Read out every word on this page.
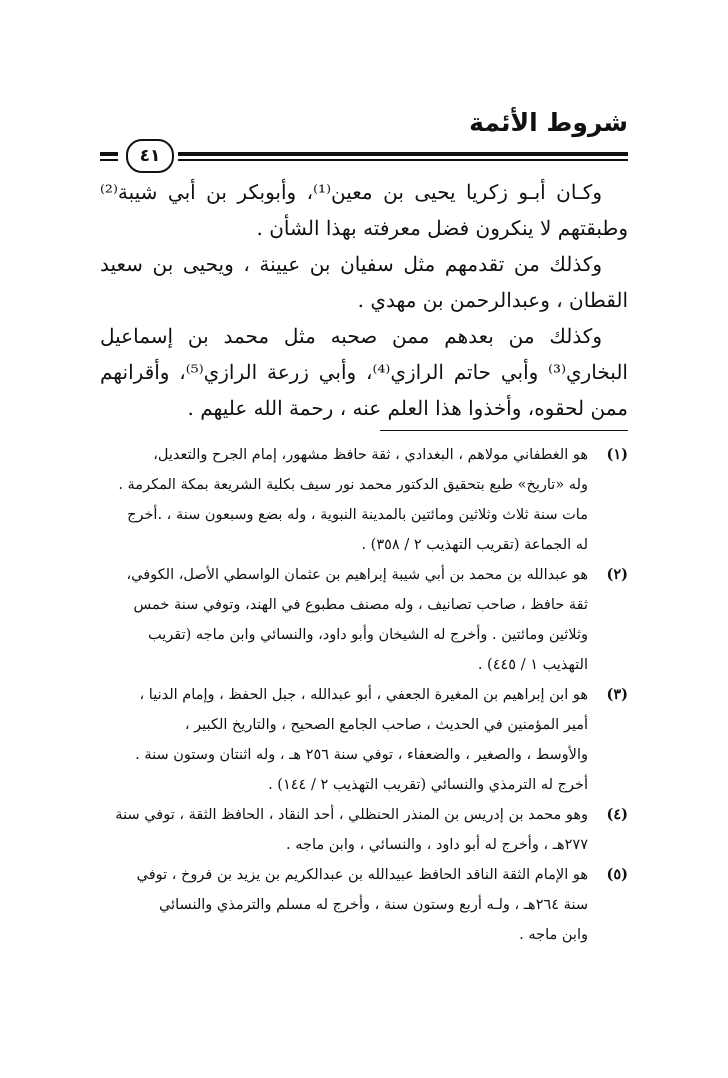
شروط الأئمة
٤١

وكـان أبـو زكريا يحيى بن معين⁽¹⁾، وأبوبكر بن أبي شيبة⁽²⁾ وطبقتهم لا ينكرون فضل معرفته بهذا الشأن .

وكذلك من تقدمهم مثل سفيان بن عيينة ، ويحيى بن سعيد القطان ، وعبدالرحمن بن مهدي .

وكذلك من بعدهم ممن صحبه مثل محمد بن إسماعيل البخاري⁽³⁾ وأبي حاتم الرازي⁽⁴⁾، وأبي زرعة الرازي⁽⁵⁾، وأقرانهم ممن لحقوه، وأخذوا هذا العلم عنه ، رحمة الله عليهم .

(١)
هو الغطفاني مولاهم ، البغدادي ، ثقة حافظ مشهور، إمام الجرح والتعديل،
وله «تاريخ» طبع بتحقيق الدكتور محمد نور سيف بكلية الشريعة بمكة المكرمة .
مات سنة ثلاث وثلاثين ومائتين بالمدينة النبوية ، وله بضع وسبعون سنة ، .أخرج
له الجماعة (تقريب التهذيب ٢ / ٣٥٨) .
(٢)
هو عبدالله بن محمد بن أبي شيبة إبراهيم بن عثمان الواسطي الأصل، الكوفي،
ثقة حافظ ، صاحب تصانيف ، وله مصنف مطبوع في الهند، وتوفي سنة خمس
وثلاثين ومائتين . وأخرج له الشيخان وأبو داود، والنسائي وابن ماجه (تقريب
التهذيب ١ / ٤٤٥) .
(٣)
هو ابن إبراهيم بن المغيرة الجعفي ، أبو عبدالله ، جبل الحفظ ، وإمام الدنيا ،
أمير المؤمنين في الحديث ، صاحب الجامع الصحيح ، والتاريخ الكبير ،
والأوسط ، والصغير ، والضعفاء ، توفي سنة ٢٥٦ هـ ، وله اثنتان وستون سنة .
أخرج له الترمذي والنسائي (تقريب التهذيب ٢ / ١٤٤) .
(٤)
وهو محمد بن إدريس بن المنذر الحنظلي ، أحد النقاد ، الحافظ الثقة ، توفي سنة
٢٧٧هـ ، وأخرج له أبو داود ، والنسائي ، وابن ماجه .
(٥)
هو الإمام الثقة الناقد الحافظ عبيدالله بن عبدالكريم بن يزيد بن فروخ ، توفي
سنة ٢٦٤هـ ، ولـه أربع وستون سنة ، وأخرج له مسلم والترمذي والنسائي
وابن ماجه .
